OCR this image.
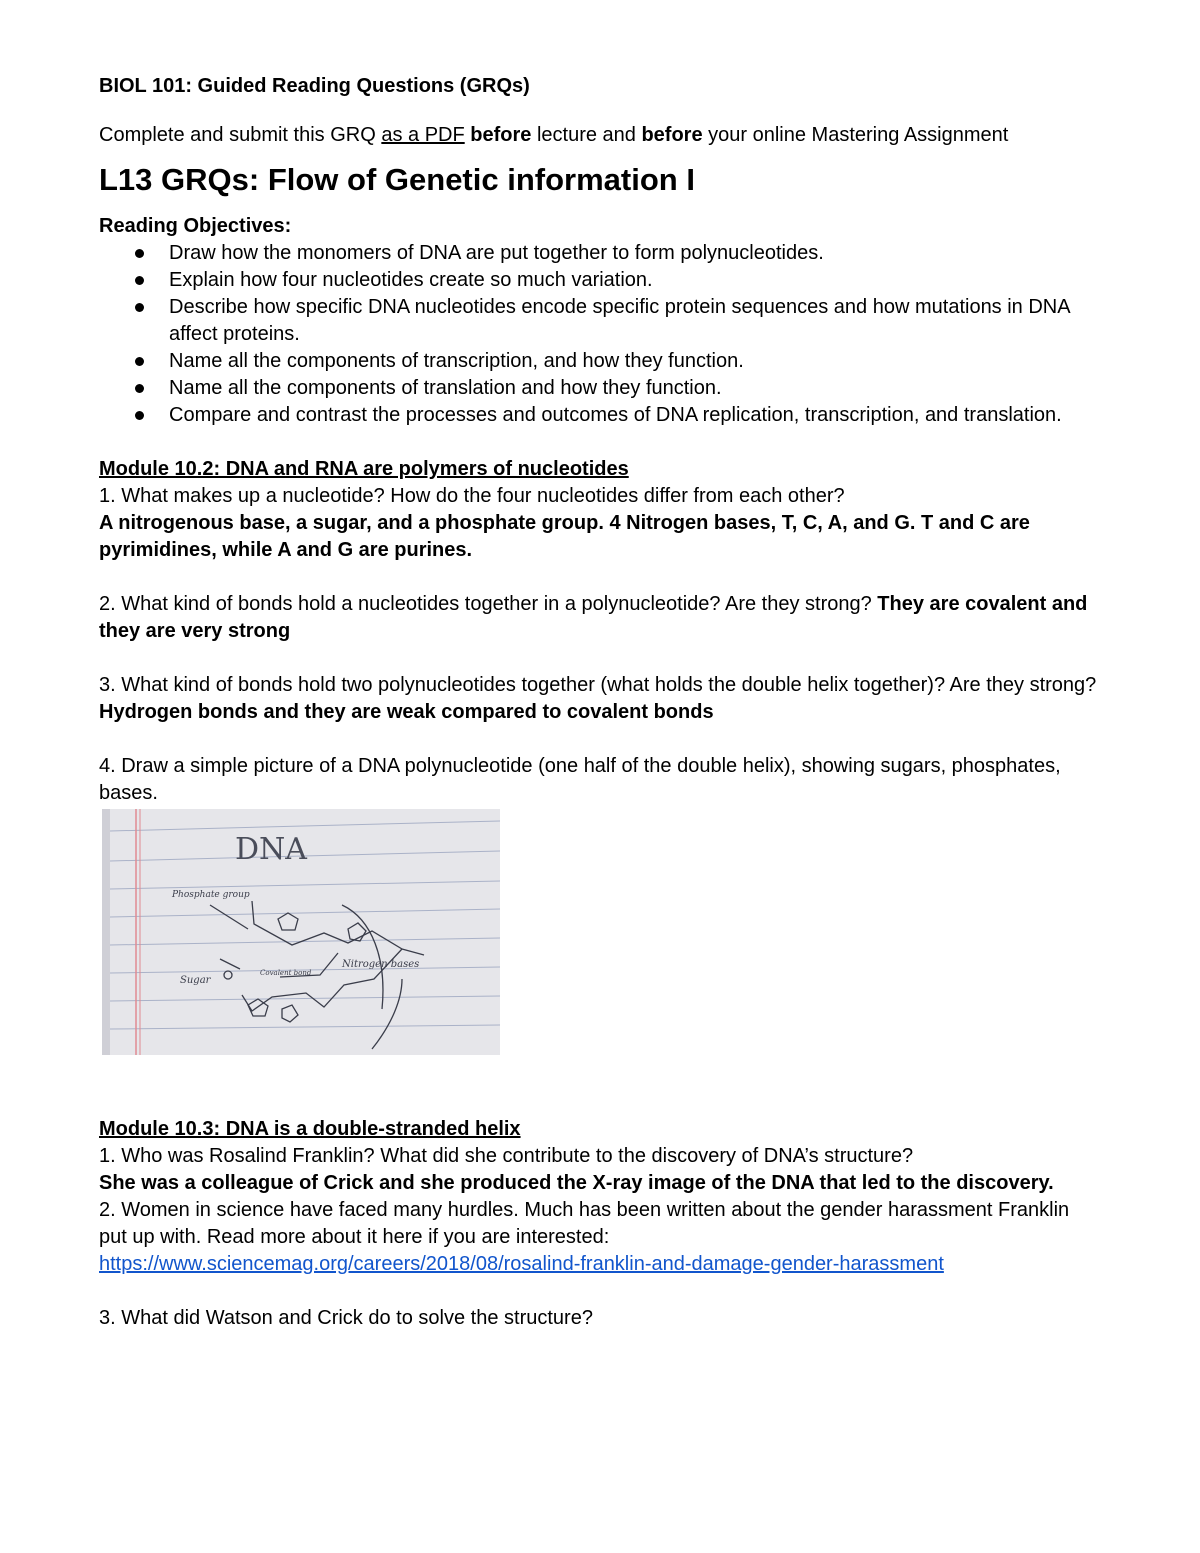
BIOL 101: Guided Reading Questions (GRQs)

Complete and submit this GRQ as a PDF before lecture and before your online Mastering Assignment

L13 GRQs: Flow of Genetic information I

Reading Objectives:

Draw how the monomers of DNA are put together to form polynucleotides.
Explain how four nucleotides create so much variation.
Describe how specific DNA nucleotides encode specific protein sequences and how mutations in DNA affect proteins.
Name all the components of transcription, and how they function.
Name all the components of translation and how they function.
Compare and contrast the processes and outcomes of DNA replication, transcription, and translation.

Module 10.2: DNA and RNA are polymers of nucleotides

1. What makes up a nucleotide? How do the four nucleotides differ from each other?

A nitrogenous base, a sugar, and a phosphate group. 4 Nitrogen bases, T, C, A, and G. T and C are pyrimidines, while A and G are purines.

2. What kind of bonds hold a nucleotides together in a polynucleotide? Are they strong? They are covalent and they are very strong

3. What kind of bonds hold two polynucleotides together (what holds the double helix together)? Are they strong? Hydrogen bonds and they are weak compared to covalent bonds

4. Draw a simple picture of a DNA polynucleotide (one half of the double helix), showing sugars, phosphates, bases.

DNA
Phosphate group
Sugar
Nitrogen bases
Covalent bond

Module 10.3: DNA is a double-stranded helix

1. Who was Rosalind Franklin? What did she contribute to the discovery of DNA’s structure?

She was a colleague of Crick and she produced the X-ray image of the DNA that led to the discovery.

2. Women in science have faced many hurdles. Much has been written about the gender harassment Franklin put up with. Read more about it here if you are interested:

https://www.sciencemag.org/careers/2018/08/rosalind-franklin-and-damage-gender-harassment

3. What did Watson and Crick do to solve the structure?
